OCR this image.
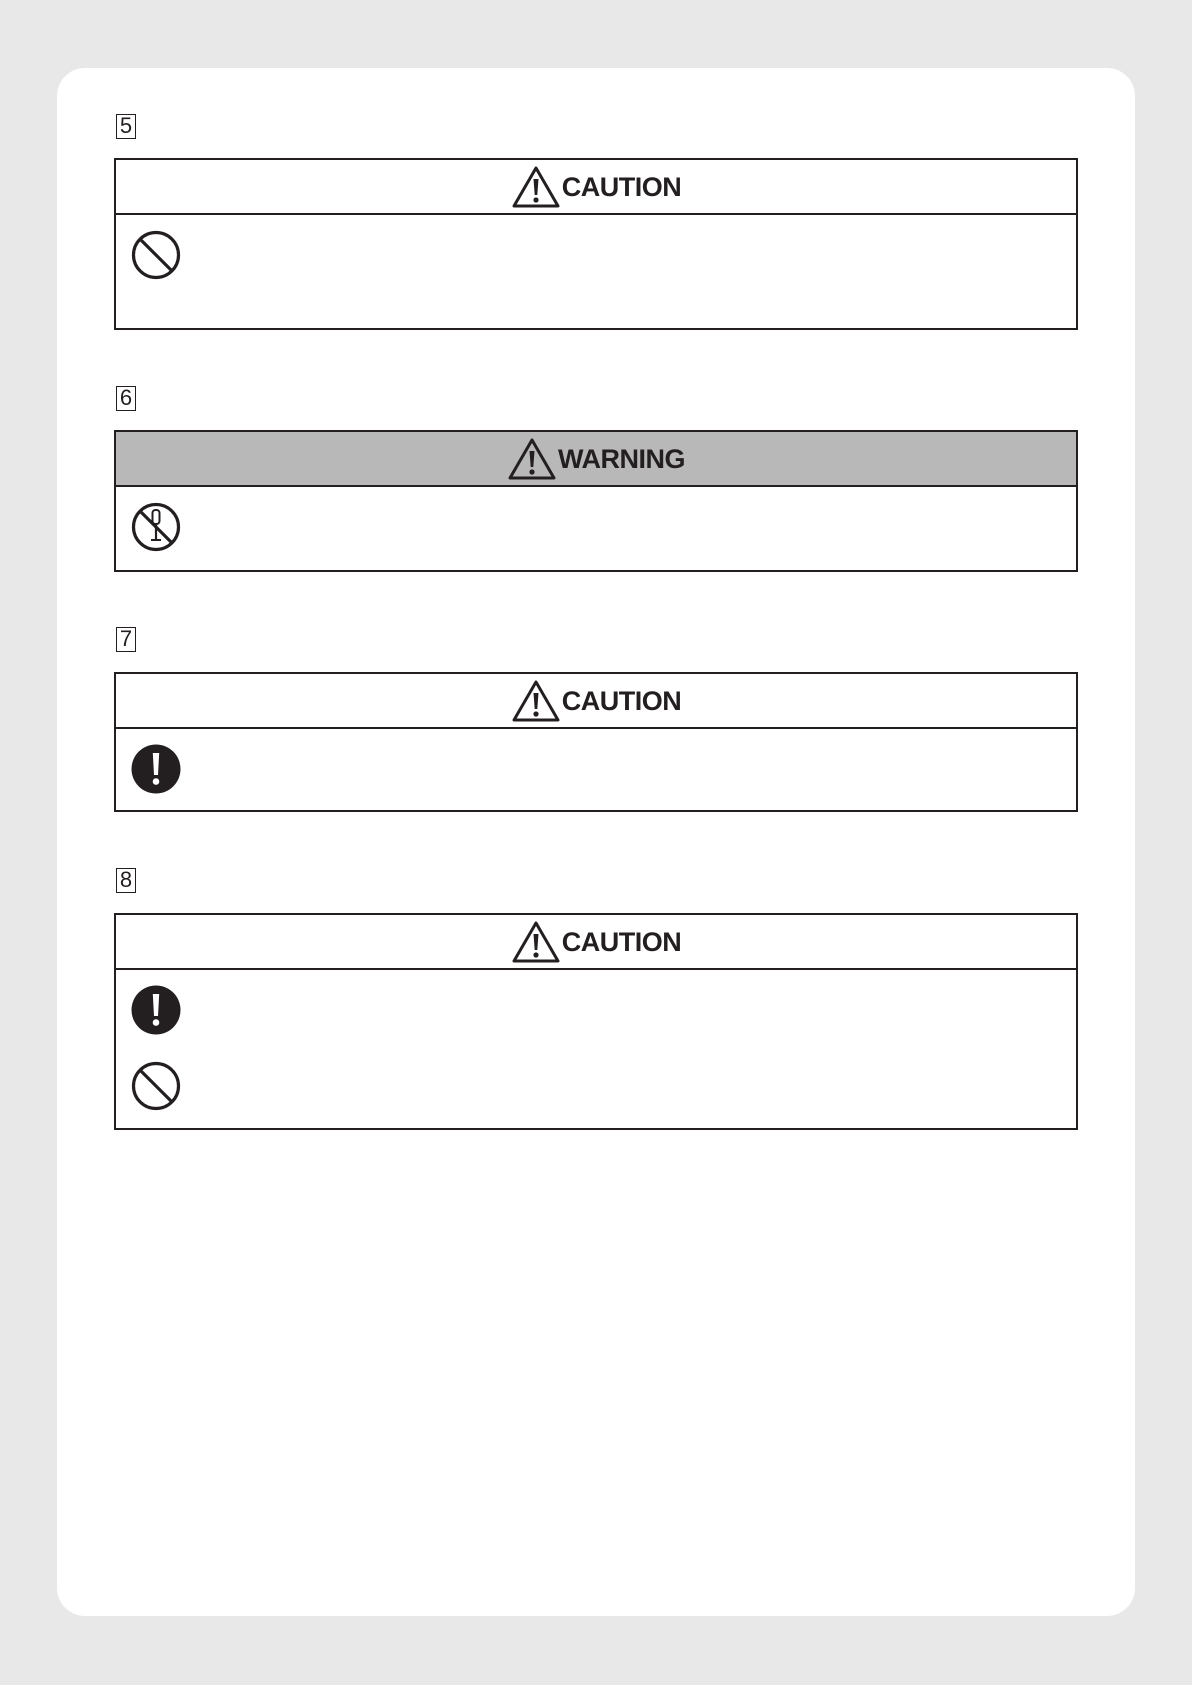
5
CAUTION
6
WARNING
7
CAUTION
8
CAUTION
